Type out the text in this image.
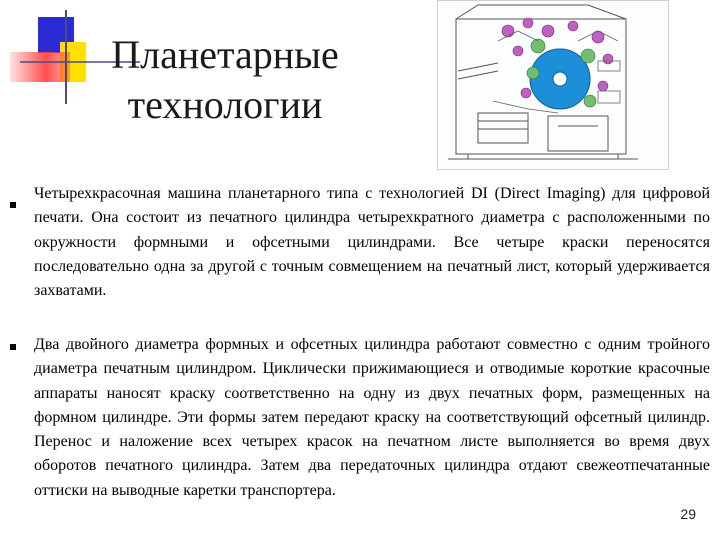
Планетарные
технологии
Четырехкрасочная машина планетарного типа с технологией DI (Direct Imaging) для цифровой печати. Она состоит из печатного цилиндра четырехкратного диаметра с расположенными по окружности формными и офсетными цилиндрами. Все четыре краски переносятся последовательно одна за другой с точным совмещением на печатный лист, который удерживается захватами.
Два двойного диаметра формных и офсетных цилиндра работают совместно с одним тройного диаметра печатным цилиндром. Циклически прижимающиеся и отводимые короткие красочные аппараты наносят краску соответственно на одну из двух печатных форм, размещенных на формном цилиндре. Эти формы затем передают краску на соответствующий офсетный цилиндр. Перенос и наложение всех четырех красок на печатном листе выполняется во время двух оборотов печатного цилиндра. Затем два передаточных цилиндра отдают свежеотпечатанные оттиски на выводные каретки транспортера.
29
